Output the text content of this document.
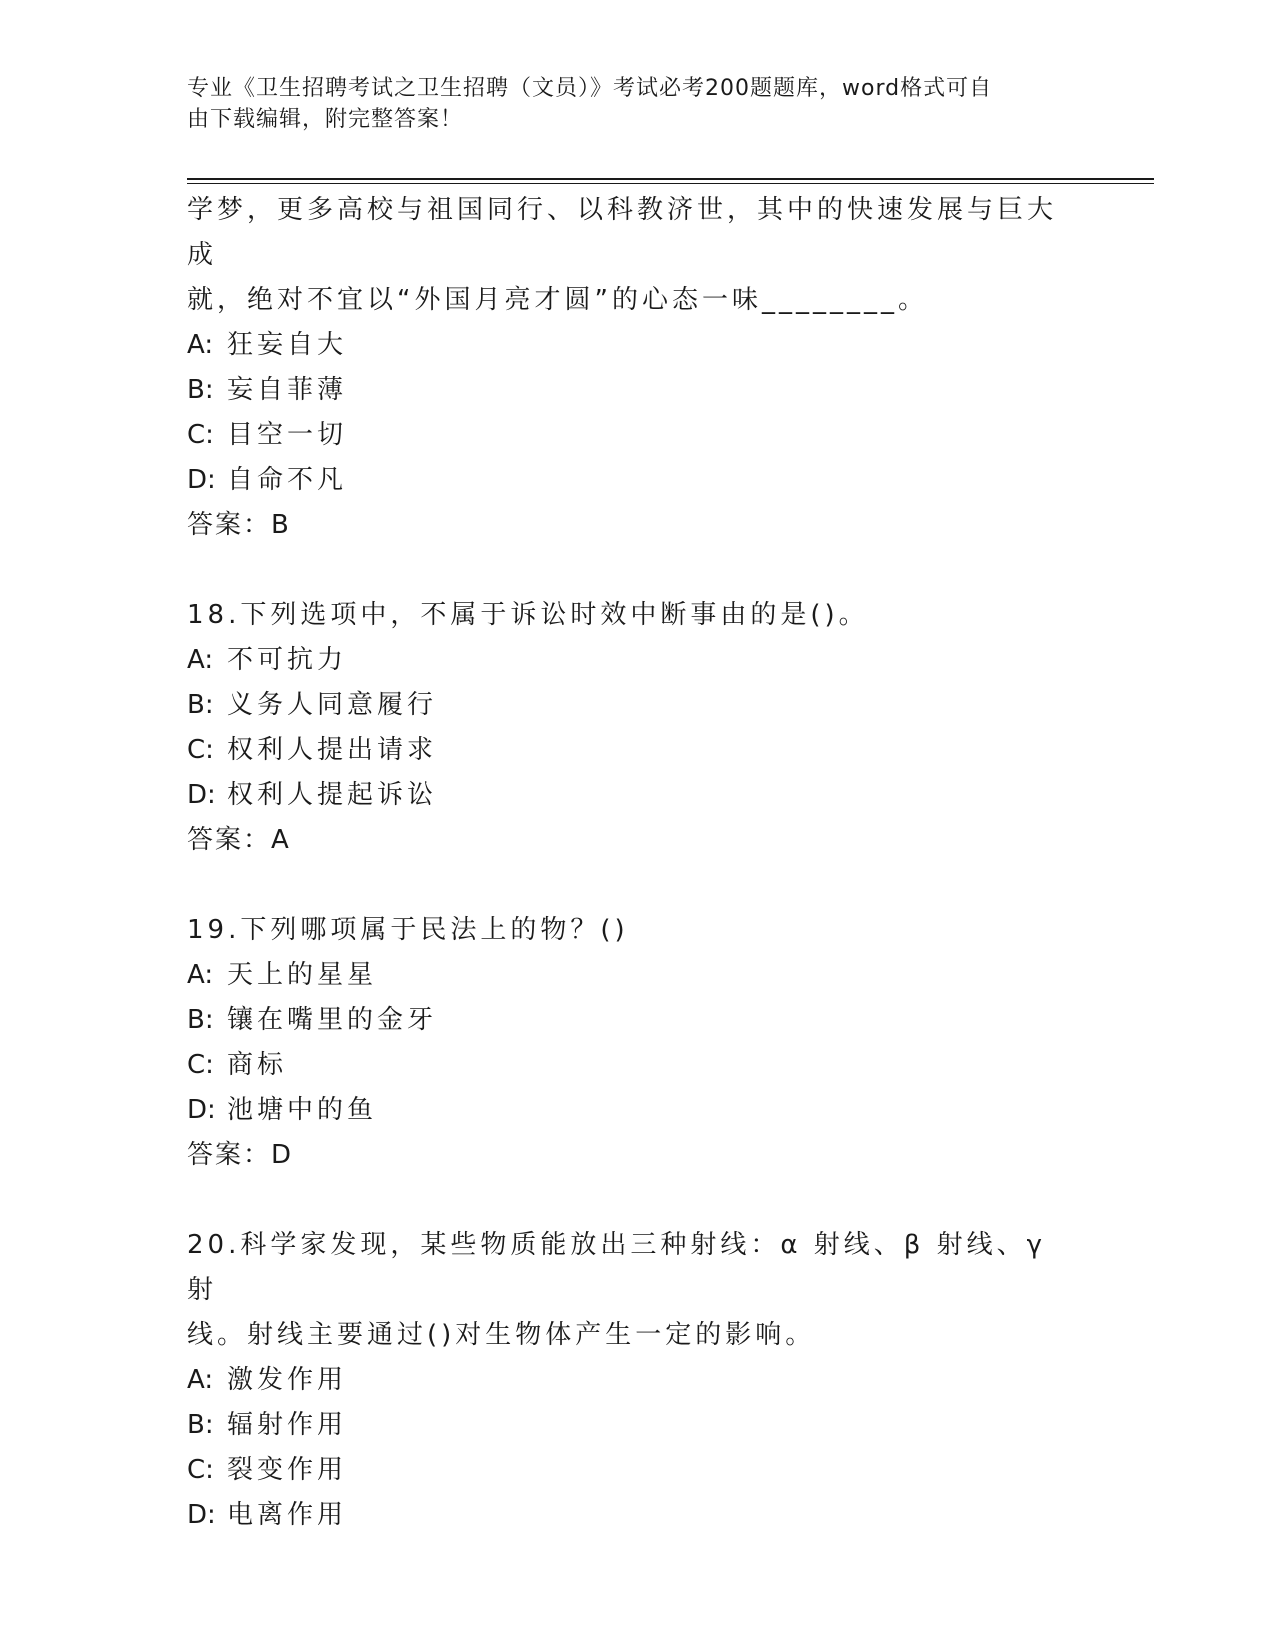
专业《卫生招聘考试之卫生招聘（文员）》考试必考200题题库，word格式可自
由下载编辑，附完整答案！

学梦，更多高校与祖国同行、以科教济世，其中的快速发展与巨大成
就，绝对不宜以“外国月亮才圆”的心态一味________。

A: 狂妄自大

B: 妄自菲薄

C: 目空一切

D: 自命不凡

答案：B

18.下列选项中，不属于诉讼时效中断事由的是()。

A: 不可抗力

B: 义务人同意履行

C: 权利人提出请求

D: 权利人提起诉讼

答案：A

19.下列哪项属于民法上的物？()

A: 天上的星星

B: 镶在嘴里的金牙

C: 商标

D: 池塘中的鱼

答案：D

20.科学家发现，某些物质能放出三种射线：α 射线、β 射线、γ 射
线。射线主要通过()对生物体产生一定的影响。

A: 激发作用

B: 辐射作用

C: 裂变作用

D: 电离作用
